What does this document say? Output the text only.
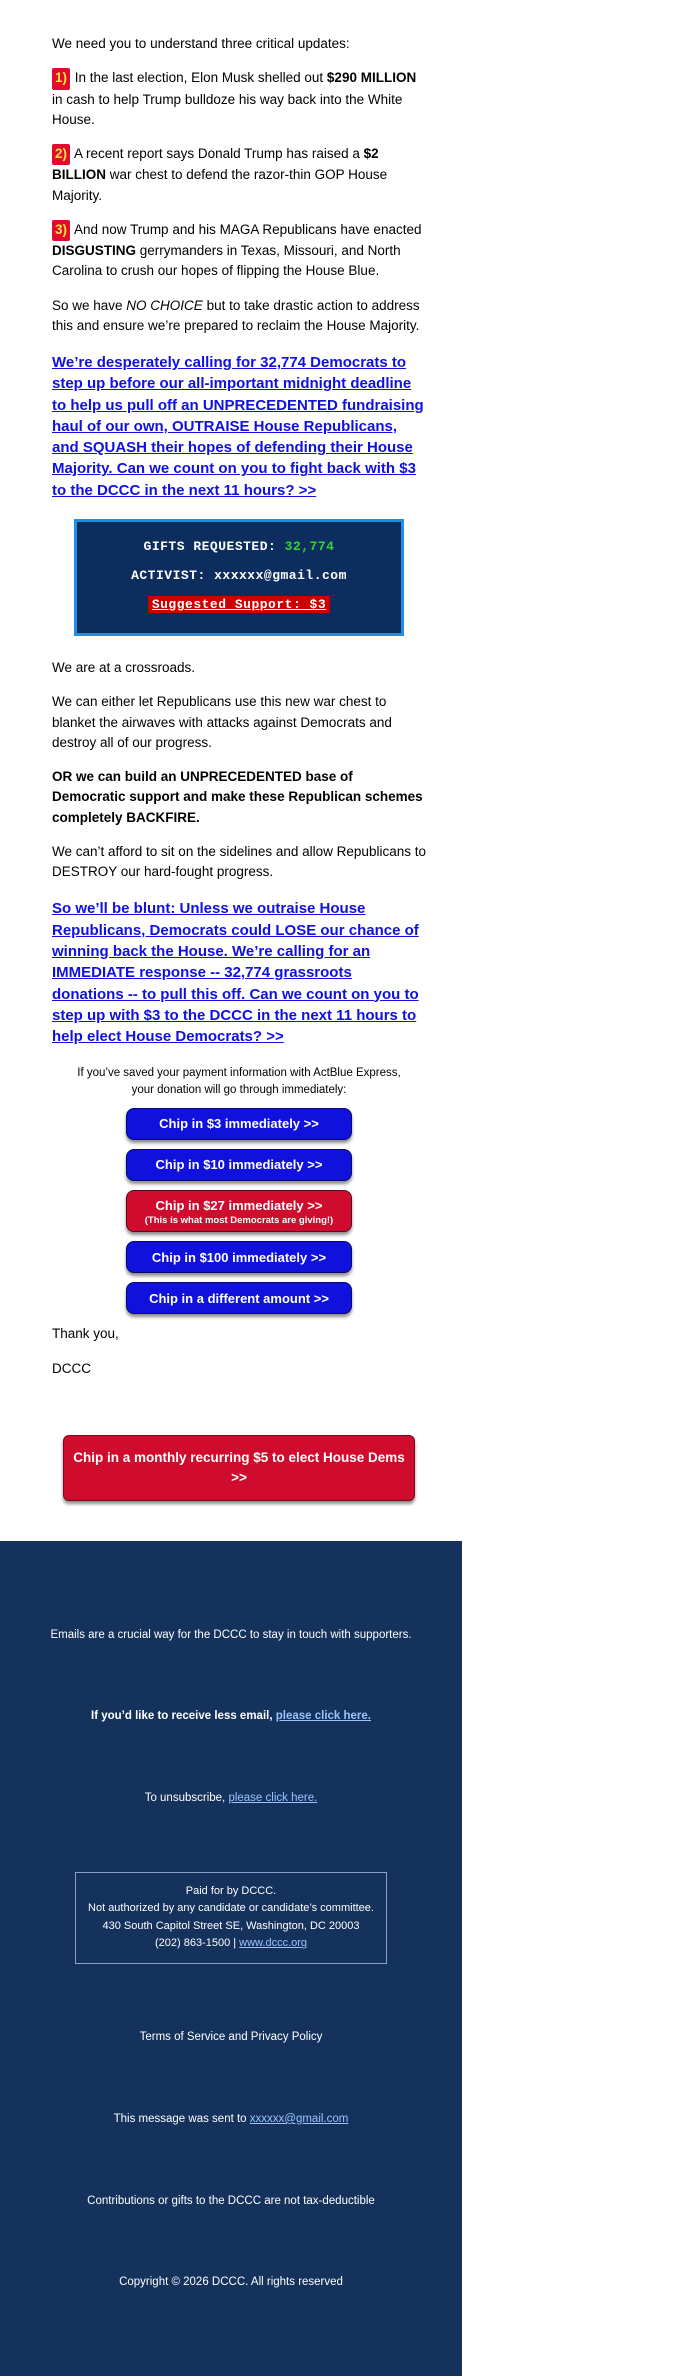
We need you to understand three critical updates:

1) In the last election, Elon Musk shelled out $290 MILLION in cash to help Trump bulldoze his way back into the White House.

2) A recent report says Donald Trump has raised a $2 BILLION war chest to defend the razor-thin GOP House Majority.

3) And now Trump and his MAGA Republicans have enacted DISGUSTING gerrymanders in Texas, Missouri, and North Carolina to crush our hopes of flipping the House Blue.

So we have NO CHOICE but to take drastic action to address this and ensure we’re prepared to reclaim the House Majority.

We’re desperately calling for 32,774 Democrats to step up before our all-important midnight deadline to help us pull off an UNPRECEDENTED fundraising haul of our own, OUTRAISE House Republicans, and SQUASH their hopes of defending their House Majority. Can we count on you to fight back with $3 to the DCCC in the next 11 hours? >>
GIFTS REQUESTED: 32,774
ACTIVIST: xxxxxx@gmail.com
Suggested Support: $3

We are at a crossroads.

We can either let Republicans use this new war chest to blanket the airwaves with attacks against Democrats and destroy all of our progress.

OR we can build an UNPRECEDENTED base of Democratic support and make these Republican schemes completely BACKFIRE.

We can’t afford to sit on the sidelines and allow Republicans to DESTROY our hard-fought progress.

So we’ll be blunt: Unless we outraise House Republicans, Democrats could LOSE our chance of winning back the House. We’re calling for an IMMEDIATE response -- 32,774 grassroots donations -- to pull this off. Can we count on you to step up with $3 to the DCCC in the next 11 hours to help elect House Democrats? >>
If you’ve saved your payment information with ActBlue Express,
your donation will go through immediately:
Chip in $3 immediately >>
Chip in $10 immediately >>
Chip in $27 immediately >>
(This is what most Democrats are giving!)
Chip in $100 immediately >>
Chip in a different amount >>

Thank you,

DCCC

Chip in a monthly recurring $5 to elect House Dems >>
Emails are a crucial way for the DCCC to stay in touch with supporters.
If you’d like to receive less email, please click here.
To unsubscribe, please click here.
Paid for by DCCC.
Not authorized by any candidate or candidate’s committee.
430 South Capitol Street SE, Washington, DC 20003
(202) 863-1500 | www.dccc.org
Terms of Service and Privacy Policy
This message was sent to xxxxxx@gmail.com
Contributions or gifts to the DCCC are not tax-deductible
Copyright © 2026 DCCC. All rights reserved
